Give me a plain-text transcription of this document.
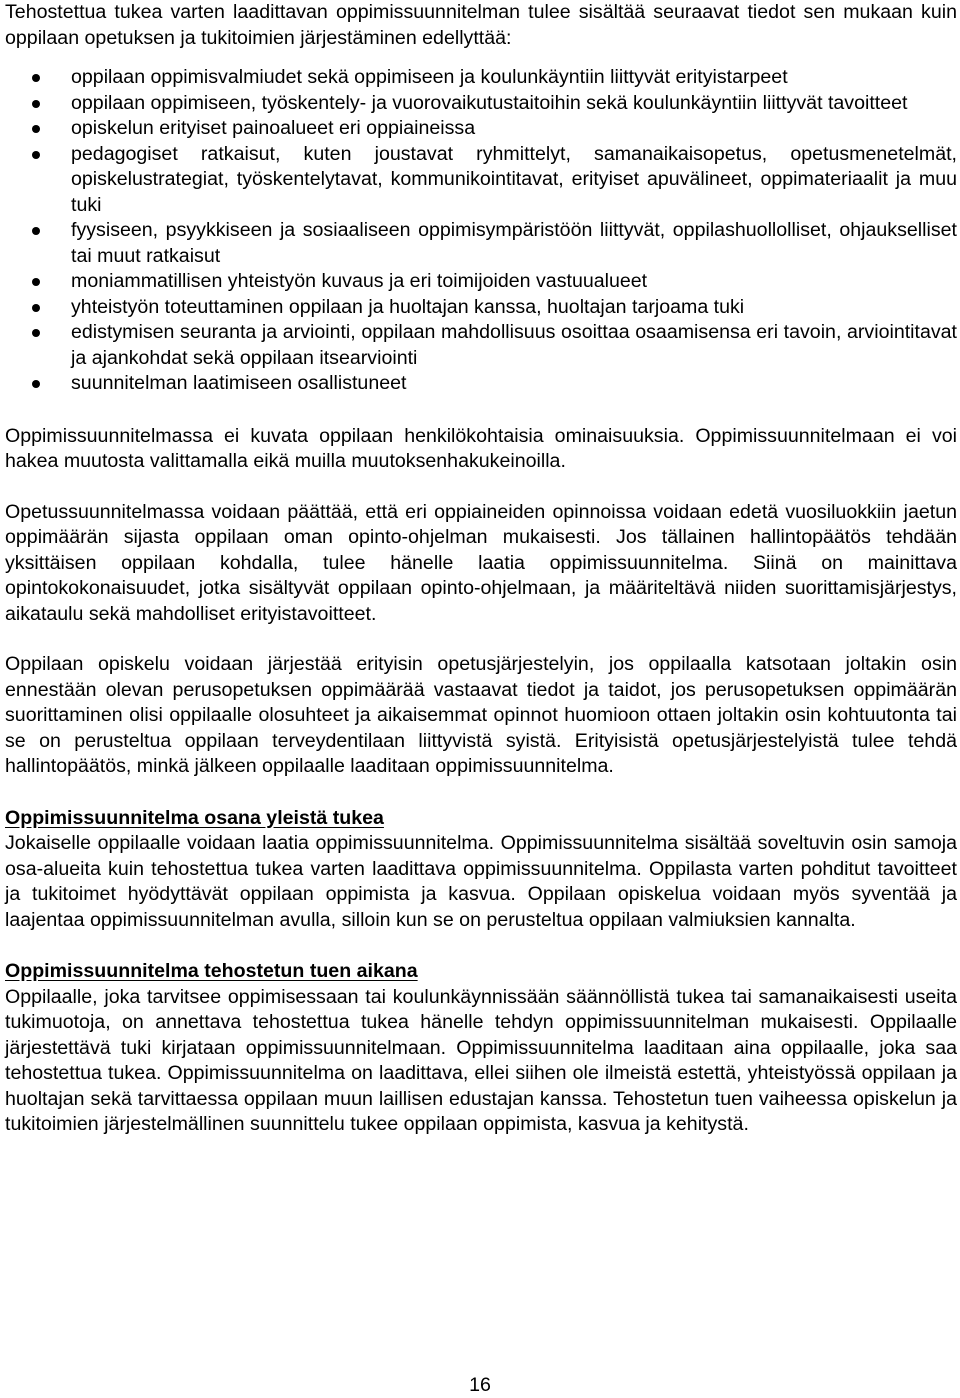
Tehostettua tukea varten laadittavan oppimissuunnitelman tulee sisältää seuraavat tiedot sen mukaan kuin oppilaan opetuksen ja tukitoimien järjestäminen edellyttää:

oppilaan oppimisvalmiudet sekä oppimiseen ja koulunkäyntiin liittyvät erityistarpeet
oppilaan oppimiseen, työskentely- ja vuorovaikutustaitoihin sekä koulunkäyntiin liittyvät tavoitteet
opiskelun erityiset painoalueet eri oppiaineissa
pedagogiset ratkaisut, kuten joustavat ryhmittelyt, samanaikaisopetus, opetusmenetelmät, opiskelustrategiat, työskentelytavat, kommunikointitavat, erityiset apuvälineet, oppimateriaalit ja muu tuki
fyysiseen, psyykkiseen ja sosiaaliseen oppimisympäristöön liittyvät, oppilashuollolliset, ohjaukselliset tai muut ratkaisut
moniammatillisen yhteistyön kuvaus ja eri toimijoiden vastuualueet
yhteistyön toteuttaminen oppilaan ja huoltajan kanssa, huoltajan tarjoama tuki
edistymisen seuranta ja arviointi, oppilaan mahdollisuus osoittaa osaamisensa eri tavoin, arviointitavat ja ajankohdat sekä oppilaan itsearviointi
suunnitelman laatimiseen osallistuneet

Oppimissuunnitelmassa ei kuvata oppilaan henkilökohtaisia ominaisuuksia. Oppimissuunnitelmaan ei voi hakea muutosta valittamalla eikä muilla muutoksenhakukeinoilla.

Opetussuunnitelmassa voidaan päättää, että eri oppiaineiden opinnoissa voidaan edetä vuosiluokkiin jaetun oppimäärän sijasta oppilaan oman opinto-ohjelman mukaisesti. Jos tällainen hallintopäätös tehdään yksittäisen oppilaan kohdalla, tulee hänelle laatia oppimissuunnitelma. Siinä on mainittava opintokokonaisuudet, jotka sisältyvät oppilaan opinto-ohjelmaan, ja määriteltävä niiden suorittamisjärjestys, aikataulu sekä mahdolliset erityistavoitteet.

Oppilaan opiskelu voidaan järjestää erityisin opetusjärjestelyin, jos oppilaalla katsotaan joltakin osin ennestään olevan perusopetuksen oppimäärää vastaavat tiedot ja taidot, jos perusopetuksen oppimäärän suorittaminen olisi oppilaalle olosuhteet ja aikaisemmat opinnot huomioon ottaen joltakin osin kohtuutonta tai se on perusteltua oppilaan terveydentilaan liittyvistä syistä. Erityisistä opetusjärjestelyistä tulee tehdä hallintopäätös, minkä jälkeen oppilaalle laaditaan oppimissuunnitelma.

Oppimissuunnitelma osana yleistä tukea

Jokaiselle oppilaalle voidaan laatia oppimissuunnitelma. Oppimissuunnitelma sisältää soveltuvin osin samoja osa-alueita kuin tehostettua tukea varten laadittava oppimissuunnitelma. Oppilasta varten pohditut tavoitteet ja tukitoimet hyödyttävät oppilaan oppimista ja kasvua. Oppilaan opiskelua voidaan myös syventää ja laajentaa oppimissuunnitelman avulla, silloin kun se on perusteltua oppilaan valmiuksien kannalta.

Oppimissuunnitelma tehostetun tuen aikana

Oppilaalle, joka tarvitsee oppimisessaan tai koulunkäynnissään säännöllistä tukea tai samanaikaisesti useita tukimuotoja, on annettava tehostettua tukea hänelle tehdyn oppimissuunnitelman mukaisesti. Oppilaalle järjestettävä tuki kirjataan oppimissuunnitelmaan. Oppimissuunnitelma laaditaan aina oppilaalle, joka saa tehostettua tukea. Oppimissuunnitelma on laadittava, ellei siihen ole ilmeistä estettä, yhteistyössä oppilaan ja huoltajan sekä tarvittaessa oppilaan muun laillisen edustajan kanssa. Tehostetun tuen vaiheessa opiskelun ja tukitoimien järjestelmällinen suunnittelu tukee oppilaan oppimista, kasvua ja kehitystä.

16
